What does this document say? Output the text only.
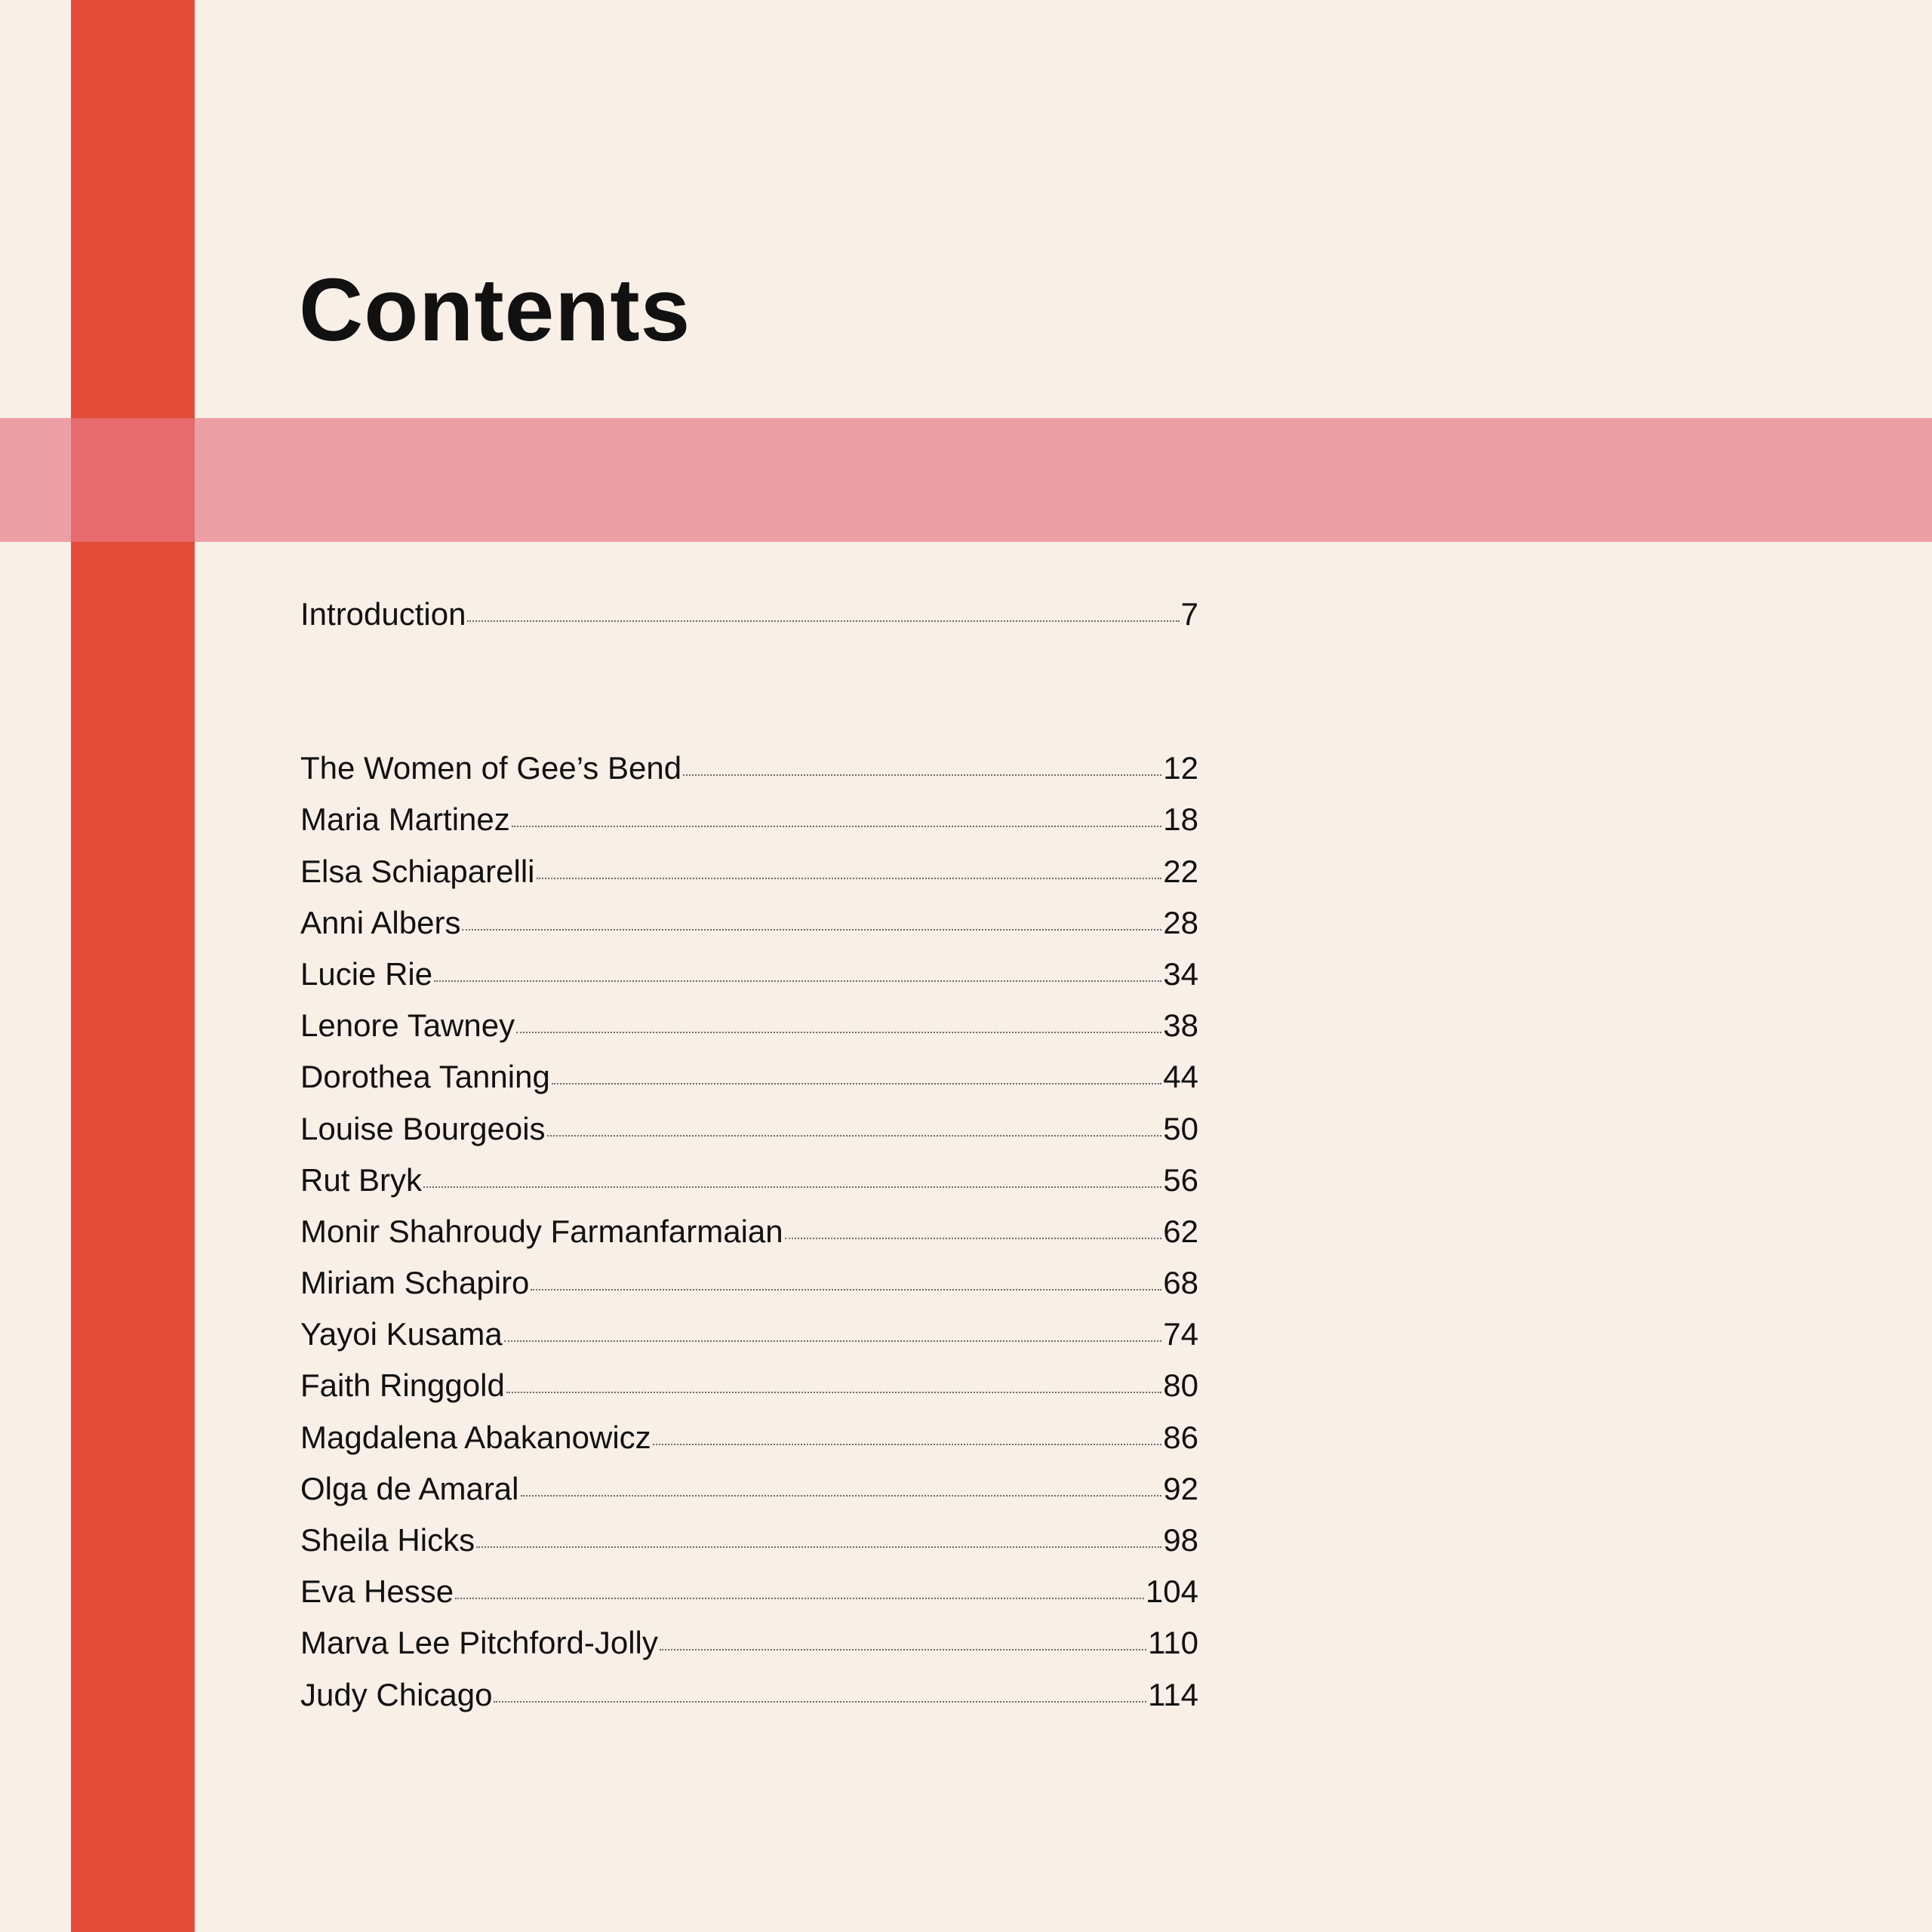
Contents
Introduction	7
The Women of Gee’s Bend	12
Maria Martinez	18
Elsa Schiaparelli	22
Anni Albers	28
Lucie Rie	34
Lenore Tawney	38
Dorothea Tanning	44
Louise Bourgeois	50
Rut Bryk	56
Monir Shahroudy Farmanfarmaian	62
Miriam Schapiro	68
Yayoi Kusama	74
Faith Ringgold	80
Magdalena Abakanowicz	86
Olga de Amaral	92
Sheila Hicks	98
Eva Hesse	104
Marva Lee Pitchford-Jolly	110
Judy Chicago	114
